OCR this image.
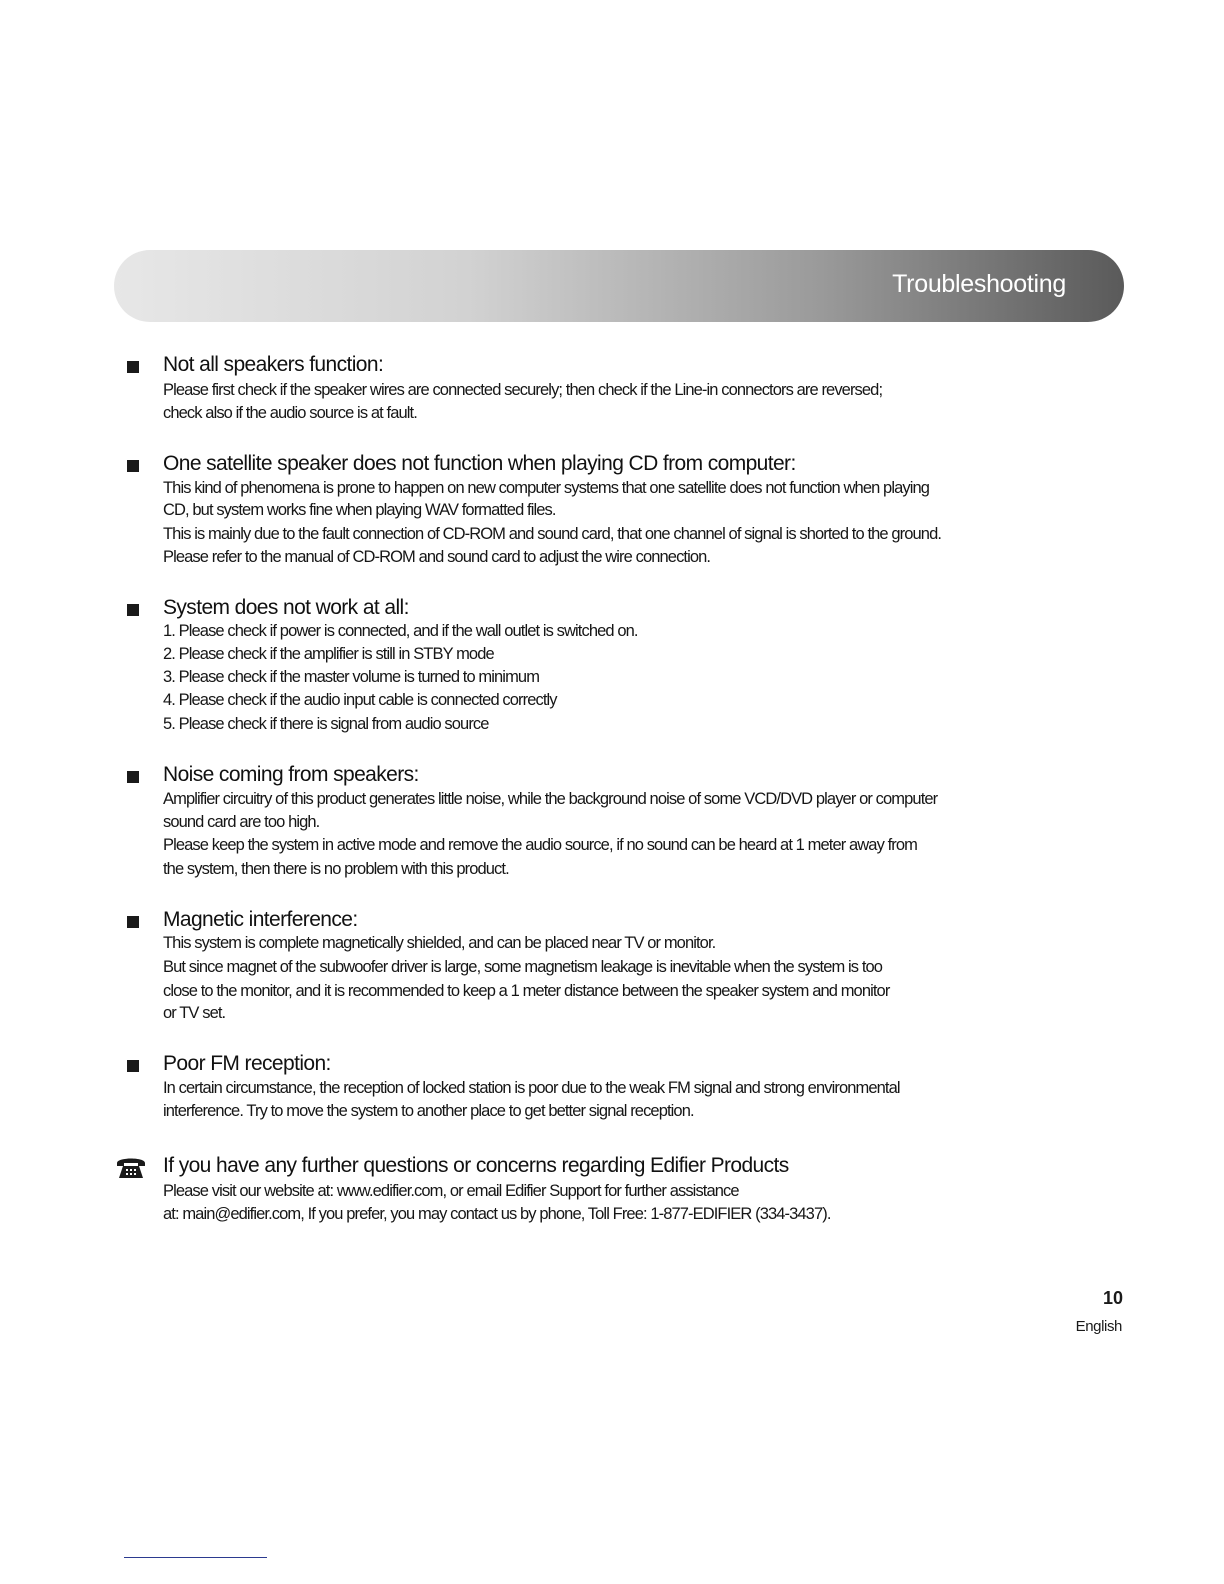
Troubleshooting
Not all speakers function:
Please first check if the speaker wires are connected securely; then check if the Line-in connectors are reversed;
check also if the audio source is at fault.
One satellite speaker does not function when playing CD from computer:
This kind of phenomena is prone to happen on new computer systems that one satellite does not function when playing
CD, but system works fine when playing WAV formatted files.
This is mainly due to the fault connection of CD-ROM and sound card, that one channel of signal is shorted to the ground.
Please refer to the manual of CD-ROM and sound card to adjust the wire connection.
System does not work at all:
1. Please check if power is connected, and if the wall outlet is switched on.
2. Please check if the amplifier is still in STBY mode
3. Please check if the master volume is turned to minimum
4. Please check if the audio input cable is connected correctly
5. Please check if there is signal from audio source
Noise coming from speakers:
Amplifier circuitry of this product generates little noise, while the background noise of some VCD/DVD player or computer
sound card are too high.
Please keep the system in active mode and remove the audio source, if no sound can be heard at 1 meter away from
the system, then there is no problem with this product.
Magnetic interference:
This system is complete magnetically shielded, and can be placed near TV or monitor.
But since magnet of the subwoofer driver is large, some magnetism leakage is inevitable when the system is too
close to the monitor, and it is recommended to keep a 1 meter distance between the speaker system and monitor
or TV set.
Poor FM reception:
In certain circumstance, the reception of locked station is poor due to the weak FM signal and strong environmental
interference. Try to move the system to another place to get better signal reception.
If you have any further questions or concerns regarding Edifier Products
Please visit our website at: www.edifier.com, or email Edifier Support for further assistance
at: main@edifier.com, If you prefer, you may contact us by phone, Toll Free: 1-877-EDIFIER (334-3437).
10
English
